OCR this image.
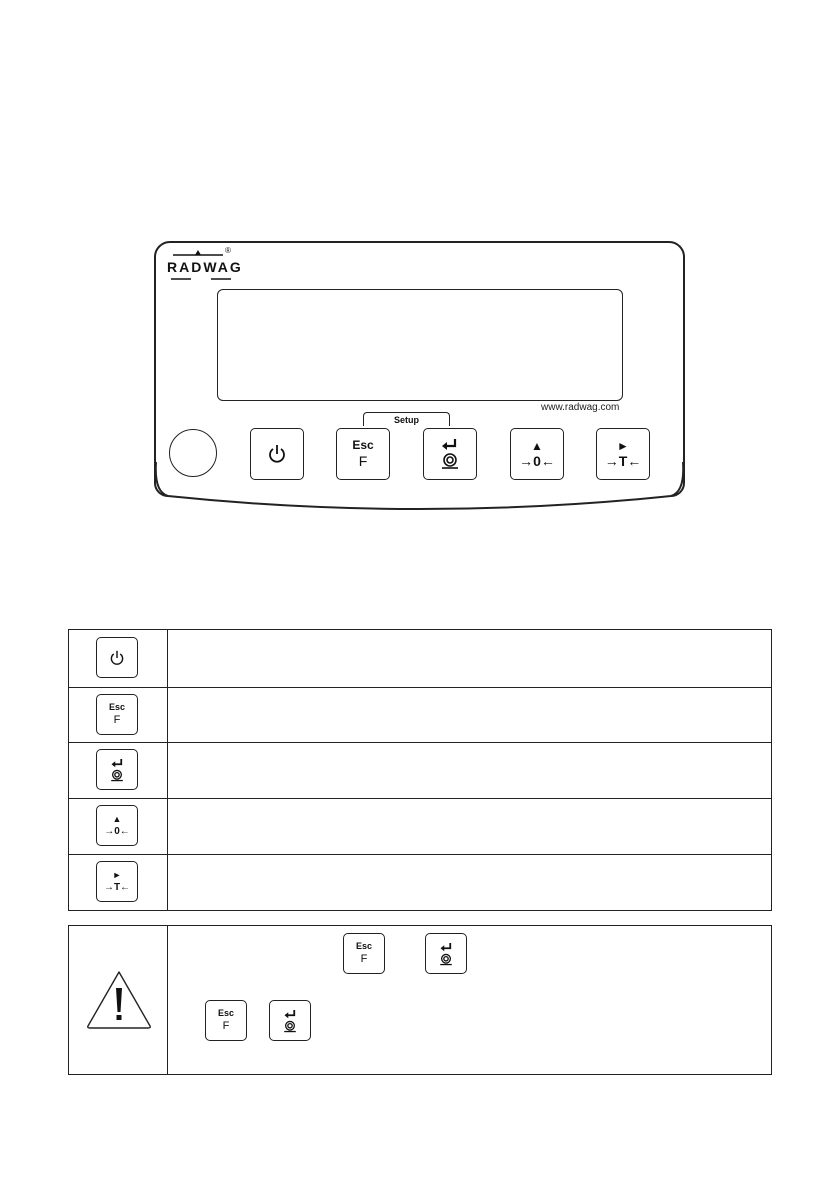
RADWAG
®
www.radwag.com
Setup
Esc
F
▲
→0←
►
→T←

Esc
F	

▲
→0←	

►
→T←	

Esc
F
Esc
F
